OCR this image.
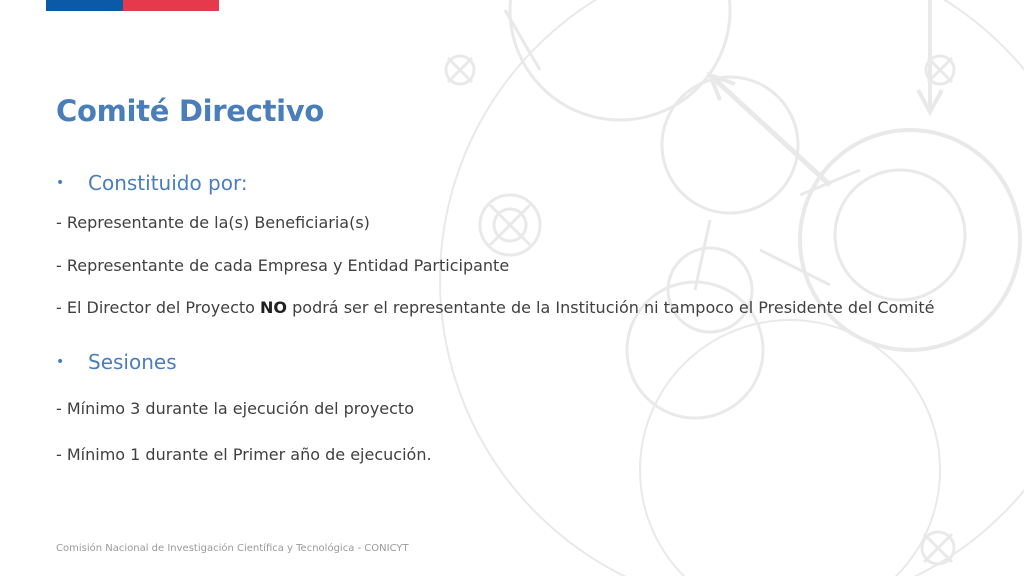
Comité Directivo
•	Constituido por:
- Representante de la(s) Beneficiaria(s)
- Representante de cada Empresa y Entidad Participante
- El Director del Proyecto NO podrá ser el representante de la Institución ni tampoco el Presidente del Comité
•	Sesiones
- Mínimo 3 durante la ejecución del proyecto
- Mínimo 1 durante el Primer año de ejecución.
Comisión Nacional de Investigación Científica y Tecnológica - CONICYT
